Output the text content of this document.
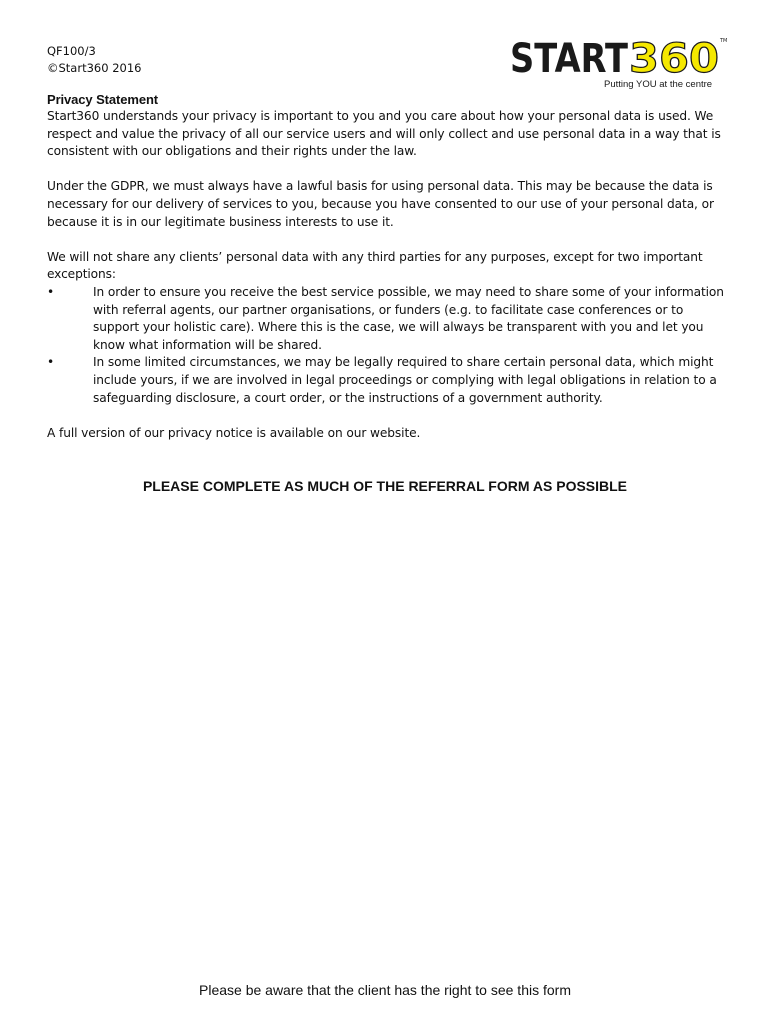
QF100/3
©Start360 2016	START 360 TM
Putting YOU at the centre
Privacy Statement

Start360 understands your privacy is important to you and you care about how your personal data is used. We respect and value the privacy of all our service users and will only collect and use personal data in a way that is consistent with our obligations and their rights under the law.

Under the GDPR, we must always have a lawful basis for using personal data. This may be because the data is necessary for our delivery of services to you, because you have consented to our use of your personal data, or because it is in our legitimate business interests to use it.

We will not share any clients’ personal data with any third parties for any purposes, except for two important exceptions:
•	In order to ensure you receive the best service possible, we may need to share some of your information with referral agents, our partner organisations, or funders (e.g. to facilitate case conferences or to support your holistic care). Where this is the case, we will always be transparent with you and let you know what information will be shared.
•	In some limited circumstances, we may be legally required to share certain personal data, which might include yours, if we are involved in legal proceedings or complying with legal obligations in relation to a safeguarding disclosure, a court order, or the instructions of a government authority.

A full version of our privacy notice is available on our website.

PLEASE COMPLETE AS MUCH OF THE REFERRAL FORM AS POSSIBLE
Please be aware that the client has the right to see this form
